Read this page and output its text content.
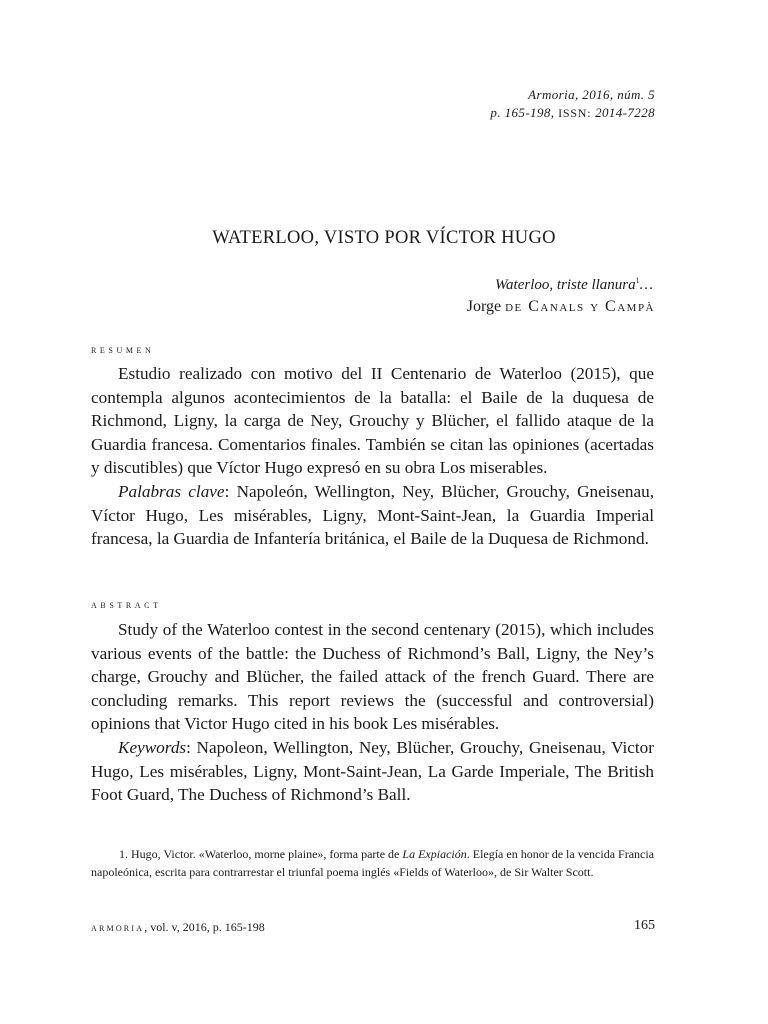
Armoria, 2016, núm. 5
p. 165-198, ISSN: 2014-7228
WATERLOO, VISTO POR VÍCTOR HUGO
Waterloo, triste llanura$^1$…
Jorge de Canals y Campà
resumen

Estudio realizado con motivo del II Centenario de Waterloo (2015), que contempla algunos acontecimientos de la batalla: el Baile de la duquesa de Richmond, Ligny, la carga de Ney, Grouchy y Blücher, el fallido ataque de la Guardia francesa. Comentarios finales. También se citan las opiniones (acertadas y discutibles) que Víctor Hugo expresó en su obra Los miserables.

Palabras clave: Napoleón, Wellington, Ney, Blücher, Grouchy, Gneisenau, Víctor Hugo, Les misérables, Ligny, Mont-Saint-Jean, la Guardia Imperial francesa, la Guardia de Infantería británica, el Baile de la Duquesa de Richmond.

abstract

Study of the Waterloo contest in the second centenary (2015), which includes various events of the battle: the Duchess of Richmond’s Ball, Ligny, the Ney’s charge, Grouchy and Blücher, the failed attack of the french Guard. There are concluding remarks. This report reviews the (successful and controversial) opinions that Victor Hugo cited in his book Les misérables.

Keywords: Napoleon, Wellington, Ney, Blücher, Grouchy, Gneisenau, Victor Hugo, Les misérables, Ligny, Mont-Saint-Jean, La Garde Imperiale, The British Foot Guard, The Duchess of Richmond’s Ball.

1. Hugo, Victor. «Waterloo, morne plaine», forma parte de La Expiación. Elegía en honor de la vencida Francia napoleónica, escrita para contrarrestar el triunfal poema inglés «Fields of Waterloo», de Sir Walter Scott.

armoria, vol. v, 2016, p. 165-198	165
